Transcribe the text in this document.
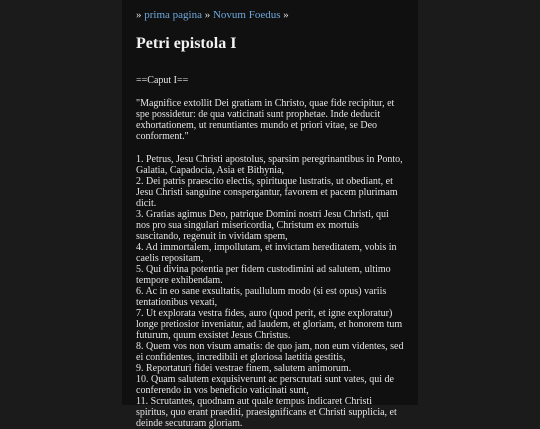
» prima pagina » Novum Foedus »
Petri epistola I
==Caput I==
"Magnifice extollit Dei gratiam in Christo, quae fide recipitur, et spe possidetur: de qua vaticinati sunt prophetae. Inde deducit exhortationem, ut renuntiantes mundo et priori vitae, se Deo conforment."
1. Petrus, Jesu Christi apostolus, sparsim peregrinantibus in Ponto, Galatia, Capadocia, Asia et Bithynia,
2. Dei patris praescito electis, spirituque lustratis, ut obediant, et Jesu Christi sanguine conspergantur, favorem et pacem plurimam dicit.
3. Gratias agimus Deo, patrique Domini nostri Jesu Christi, qui nos pro sua singulari misericordia, Christum ex mortuis suscitando, regenuit in vividam spem,
4. Ad immortalem, impollutam, et invictam hereditatem, vobis in caelis repositam,
5. Qui divina potentia per fidem custodimini ad salutem, ultimo tempore exhibendam.
6. Ac in eo sane exsultatis, paullulum modo (si est opus) variis tentationibus vexati,
7. Ut explorata vestra fides, auro (quod perit, et igne exploratur) longe pretiosior inveniatur, ad laudem, et gloriam, et honorem tum futurum, quum exsistet Jesus Christus.
8. Quem vos non visum amatis: de quo jam, non eum videntes, sed ei confidentes, incredibili et gloriosa laetitia gestitis,
9. Reportaturi fidei vestrae finem, salutem animorum.
10. Quam salutem exquisiverunt ac perscrutati sunt vates, qui de conferendo in vos beneficio vaticinati sunt,
11. Scrutantes, quodnam aut quale tempus indicaret Christi spiritus, quo erant praediti, praesignificans et Christi supplicia, et deinde secuturam gloriam.
